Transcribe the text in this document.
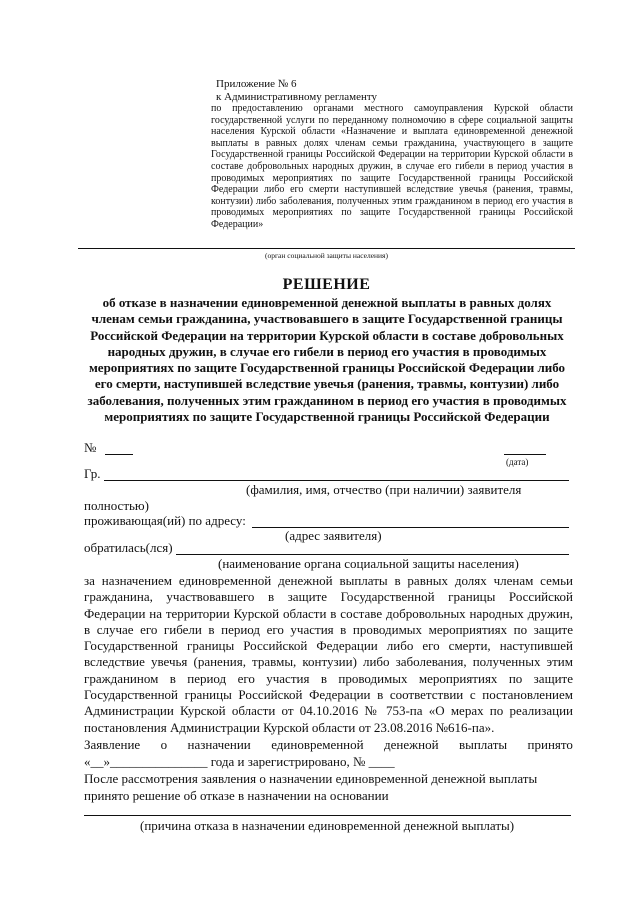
Приложение № 6
к Административному регламенту
по предоставлению органами местного самоуправления Курской области государственной услуги по переданному полномочию в сфере социальной защиты населения Курской области «Назначение и выплата единовременной денежной выплаты в равных долях членам семьи гражданина, участвующего в защите Государственной границы Российской Федерации на территории Курской области в составе добровольных народных дружин, в случае его гибели в период участия в проводимых мероприятиях по защите Государственной границы Российской Федерации либо его смерти наступившей вследствие увечья (ранения, травмы, контузии) либо заболевания, полученных этим гражданином в период его участия в проводимых мероприятиях по защите Государственной границы Российской Федерации»
(орган социальной защиты населения)
РЕШЕНИЕ
об отказе в назначении единовременной денежной выплаты в равных долях членам семьи гражданина, участвовавшего в защите Государственной границы Российской Федерации на территории Курской области в составе добровольных народных дружин, в случае его гибели в период его участия в проводимых мероприятиях по защите Государственной границы Российской Федерации либо его смерти, наступившей вследствие увечья (ранения, травмы, контузии) либо заболевания, полученных этим гражданином в период его участия в проводимых мероприятиях по защите Государственной границы Российской Федерации
№
(дата)
Гр.
(фамилия, имя, отчество (при наличии) заявителя
полностью)
проживающая(ий) по адресу:
(адрес заявителя)
обратилась(лся)
(наименование органа социальной защиты населения)
за назначением единовременной денежной выплаты в равных долях членам семьи гражданина, участвовавшего в защите Государственной границы Российской Федерации на территории Курской области в составе добровольных народных дружин, в случае его гибели в период его участия в проводимых мероприятиях по защите Государственной границы Российской Федерации либо его смерти, наступившей вследствие увечья (ранения, травмы, контузии) либо заболевания, полученных этим гражданином в период его участия в проводимых мероприятиях по защите Государственной границы Российской Федерации в соответствии с постановлением Администрации Курской области от 04.10.2016 № 753-па «О мерах по реализации постановления Администрации Курской области от 23.08.2016 №616-па».
Заявление о назначении единовременной денежной выплаты принято
«__»_______________ года и зарегистрировано, № ____
После рассмотрения заявления о назначении единовременной денежной выплаты
принято решение об отказе в назначении на основании
(причина отказа в назначении единовременной денежной выплаты)
